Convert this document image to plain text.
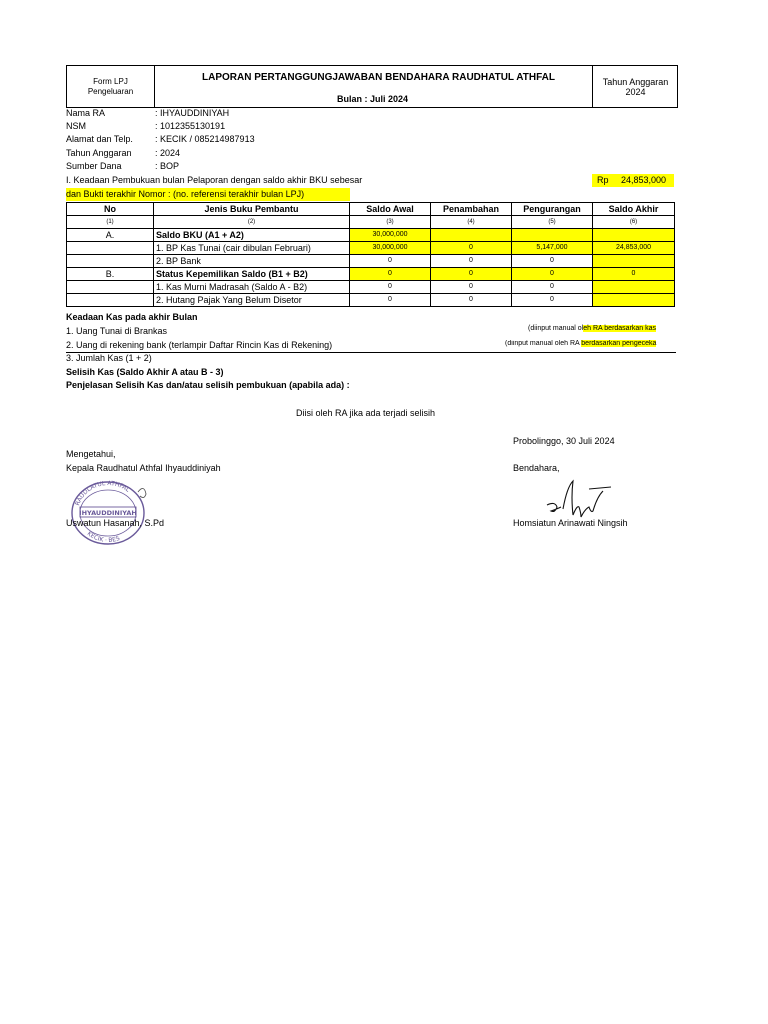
Form LPJ
Pengeluaran
LAPORAN PERTANGGUNGJAWABAN BENDAHARA RAUDHATUL ATHFAL
Bulan : Juli 2024
Tahun Anggaran
2024
Nama RA	: IHYAUDDINIYAH
NSM	: 1012355130191
Alamat dan Telp. : KECIK / 085214987913
Tahun Anggaran	: 2024
Sumber Dana	: BOP
I. Keadaan Pembukuan bulan Pelaporan dengan saldo akhir BKU sebesar	Rp 24,853,000
dan Bukti terakhir Nomor : (no. referensi terakhir bulan LPJ)
No	Jenis Buku Pembantu	Saldo Awal	Penambahan	Pengurangan	Saldo Akhir
(1)	(2)	(3)	(4)	(5)	(6)
A.	Saldo BKU (A1 + A2)	30,000,000			
	1. BP Kas Tunai (cair dibulan Februari)	30,000,000	0	5,147,000	24,853,000
	2. BP Bank	0	0	0	
B.	Status Kepemilikan Saldo (B1 + B2)	0	0	0	0
	1. Kas Murni Madrasah (Saldo A - B2)	0	0	0	
	2. Hutang Pajak Yang Belum Disetor	0	0	0	
Keadaan Kas pada akhir Bulan
1. Uang Tunai di Brankas	(diinput manual oleh RA berdasarkan kas
2. Uang di rekening bank (terlampir Daftar Rincin Kas di Rekening)	(diinput manual oleh RA berdasarkan pengeceka
3. Jumlah Kas (1 + 2)
Selisih Kas (Saldo Akhir A atau B - 3)
Penjelasan Selisih Kas dan/atau selisih pembukuan (apabila ada) :
Diisi oleh RA jika ada terjadi selisih
Probolinggo, 30 Juli 2024
Mengetahui,
Kepala Raudhatul Athfal Ihyauddiniyah	Bendahara,
RAUDLATUL ATHFAL
KECIK · BES
IHYAUDDINIYAH
Uswatun Hasanah, S.Pd	Homsiatun Arinawati Ningsih
